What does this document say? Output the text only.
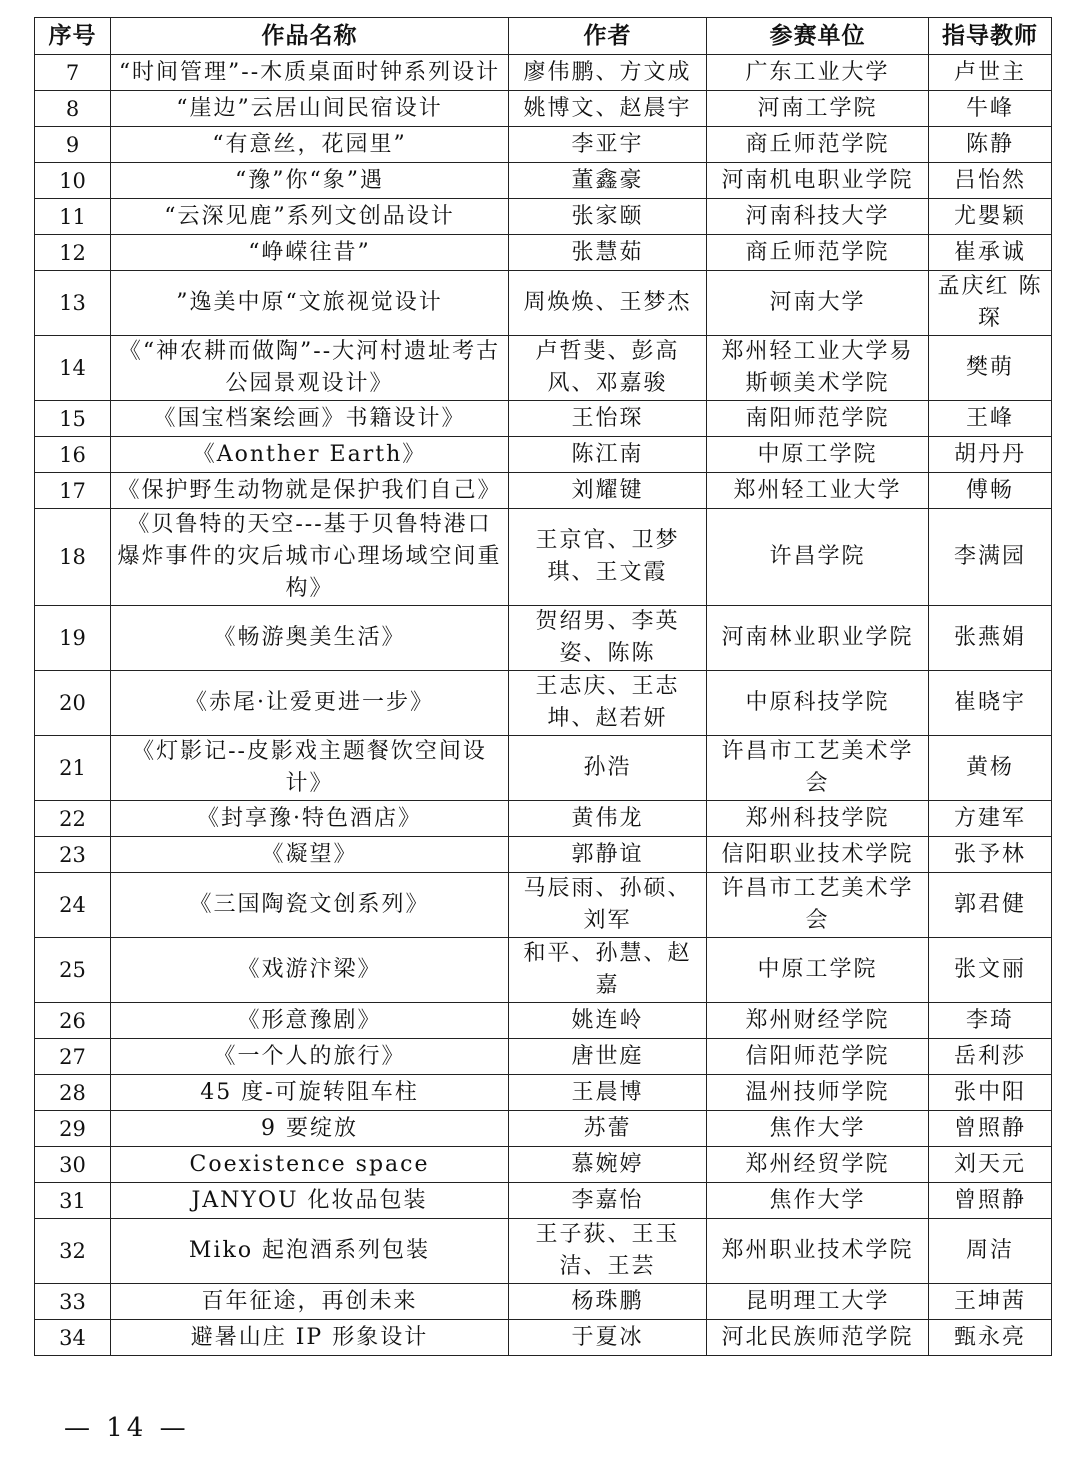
序号	作品名称	作者	参赛单位	指导教师
7	“时间管理”--木质桌面时钟系列设计	廖伟鹏、方文成	广东工业大学	卢世主
8	“崖边”云居山间民宿设计	姚博文、赵晨宇	河南工学院	牛峰
9	“有意丝，花园里”	李亚宇	商丘师范学院	陈静
10	“豫”你“象”遇	董鑫豪	河南机电职业学院	吕怡然
11	“云深见鹿”系列文创品设计	张家颐	河南科技大学	尤嬰颖
12	“峥嵘往昔”	张慧茹	商丘师范学院	崔承诚
13	”逸美中原“文旅视觉设计	周焕焕、王梦杰	河南大学	孟庆红 陈琛
14	《“神农耕而做陶”--大河村遗址考古公园景观设计》	卢哲斐、彭高风、邓嘉骏	郑州轻工业大学易斯顿美术学院	樊萌
15	《国宝档案绘画》书籍设计》	王怡琛	南阳师范学院	王峰
16	《Aonther Earth》	陈江南	中原工学院	胡丹丹
17	《保护野生动物就是保护我们自己》	刘耀键	郑州轻工业大学	傅畅
18	《贝鲁特的天空---基于贝鲁特港口爆炸事件的灾后城市心理场域空间重构》	王京官、卫梦琪、王文霞	许昌学院	李满园
19	《畅游奥美生活》	贺绍男、李英姿、陈陈	河南林业职业学院	张燕娟
20	《赤尾·让爱更进一步》	王志庆、王志坤、赵若妍	中原科技学院	崔晓宇
21	《灯影记--皮影戏主题餐饮空间设计》	孙浩	许昌市工艺美术学会	黄杨
22	《封享豫·特色酒店》	黄伟龙	郑州科技学院	方建军
23	《凝望》	郭静谊	信阳职业技术学院	张予林
24	《三国陶瓷文创系列》	马辰雨、孙硕、刘军	许昌市工艺美术学会	郭君健
25	《戏游汴梁》	和平、孙慧、赵嘉	中原工学院	张文丽
26	《形意豫剧》	姚连岭	郑州财经学院	李琦
27	《一个人的旅行》	唐世庭	信阳师范学院	岳利莎
28	45 度-可旋转阻车柱	王晨博	温州技师学院	张中阳
29	9 要绽放	苏蕾	焦作大学	曾照静
30	Coexistence space	慕婉婷	郑州经贸学院	刘天元
31	JANYOU 化妆品包装	李嘉怡	焦作大学	曾照静
32	Miko 起泡酒系列包装	王子荻、王玉洁、王芸	郑州职业技术学院	周洁
33	百年征途，再创未来	杨珠鹏	昆明理工大学	王坤茜
34	避暑山庄 IP 形象设计	于夏冰	河北民族师范学院	甄永亮
— 14 —
